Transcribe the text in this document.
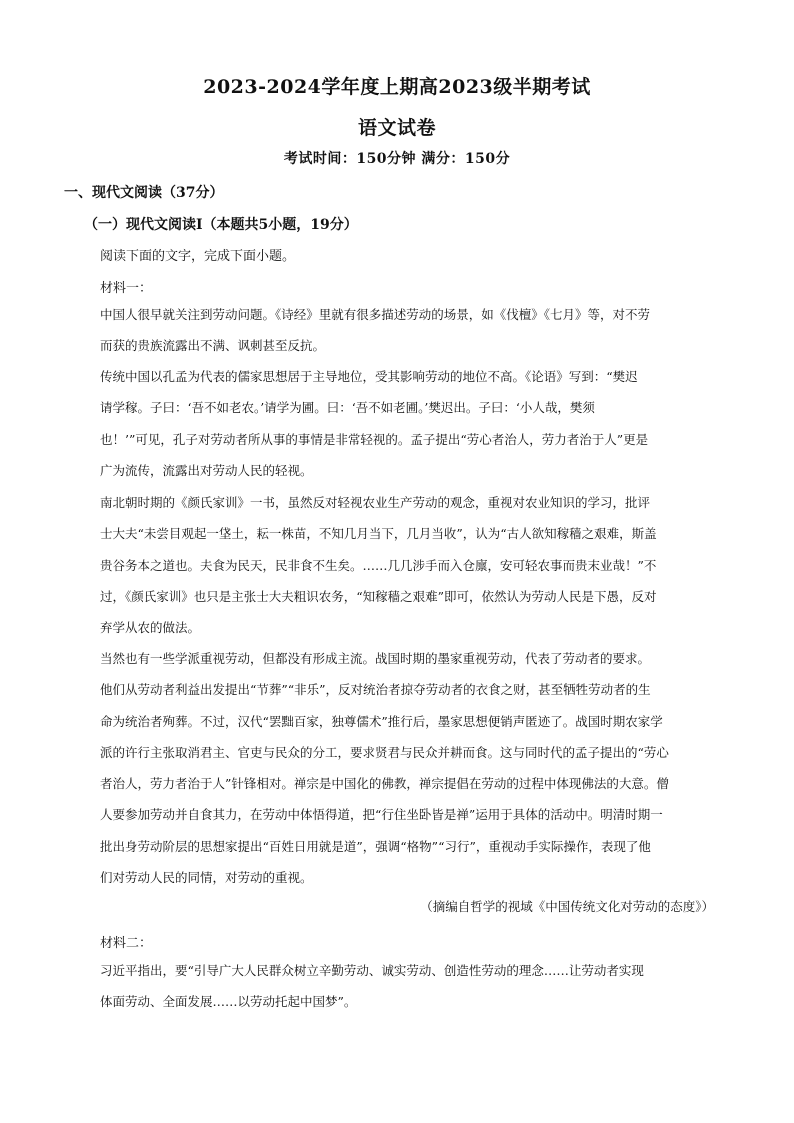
2023-2024学年度上期高2023级半期考试
语文试卷
考试时间：150分钟 满分：150分
一、现代文阅读（37分）
（一）现代文阅读Ⅰ（本题共5小题，19分）
阅读下面的文字，完成下面小题。
材料一：
中国人很早就关注到劳动问题。《诗经》里就有很多描述劳动的场景，如《伐檀》《七月》等，对不劳
而获的贵族流露出不满、讽刺甚至反抗。
传统中国以孔孟为代表的儒家思想居于主导地位，受其影响劳动的地位不高。《论语》写到：“樊迟
请学稼。子曰：‘吾不如老农。’请学为圃。曰：‘吾不如老圃。’樊迟出。子曰：‘小人哉，樊须
也！’”可见，孔子对劳动者所从事的事情是非常轻视的。孟子提出“劳心者治人，劳力者治于人”更是
广为流传，流露出对劳动人民的轻视。
南北朝时期的《颜氏家训》一书，虽然反对轻视农业生产劳动的观念，重视对农业知识的学习，批评
士大夫“未尝目观起一垡土，耘一株苗，不知几月当下，几月当收”，认为“古人欲知稼穑之艰难，斯盖
贵谷务本之道也。夫食为民天，民非食不生矣。……几几涉手而入仓廪，安可轻农事而贵末业哉！”不
过，《颜氏家训》也只是主张士大夫粗识农务，“知稼穑之艰难”即可，依然认为劳动人民是下愚，反对
弃学从农的做法。
当然也有一些学派重视劳动，但都没有形成主流。战国时期的墨家重视劳动，代表了劳动者的要求。
他们从劳动者利益出发提出“节葬”“非乐”，反对统治者掠夺劳动者的衣食之财，甚至牺牲劳动者的生
命为统治者殉葬。不过，汉代“罢黜百家，独尊儒术”推行后，墨家思想便销声匿迹了。战国时期农家学
派的许行主张取消君主、官吏与民众的分工，要求贤君与民众并耕而食。这与同时代的孟子提出的“劳心
者治人，劳力者治于人”针锋相对。禅宗是中国化的佛教，禅宗提倡在劳动的过程中体现佛法的大意。僧
人要参加劳动并自食其力，在劳动中体悟得道，把“行住坐卧皆是禅”运用于具体的活动中。明清时期一
批出身劳动阶层的思想家提出“百姓日用就是道”，强调“格物”“习行”，重视动手实际操作，表现了他
们对劳动人民的同情，对劳动的重视。
（摘编自哲学的视域《中国传统文化对劳动的态度》）
材料二：
习近平指出，要“引导广大人民群众树立辛勤劳动、诚实劳动、创造性劳动的理念……让劳动者实现
体面劳动、全面发展……以劳动托起中国梦”。
